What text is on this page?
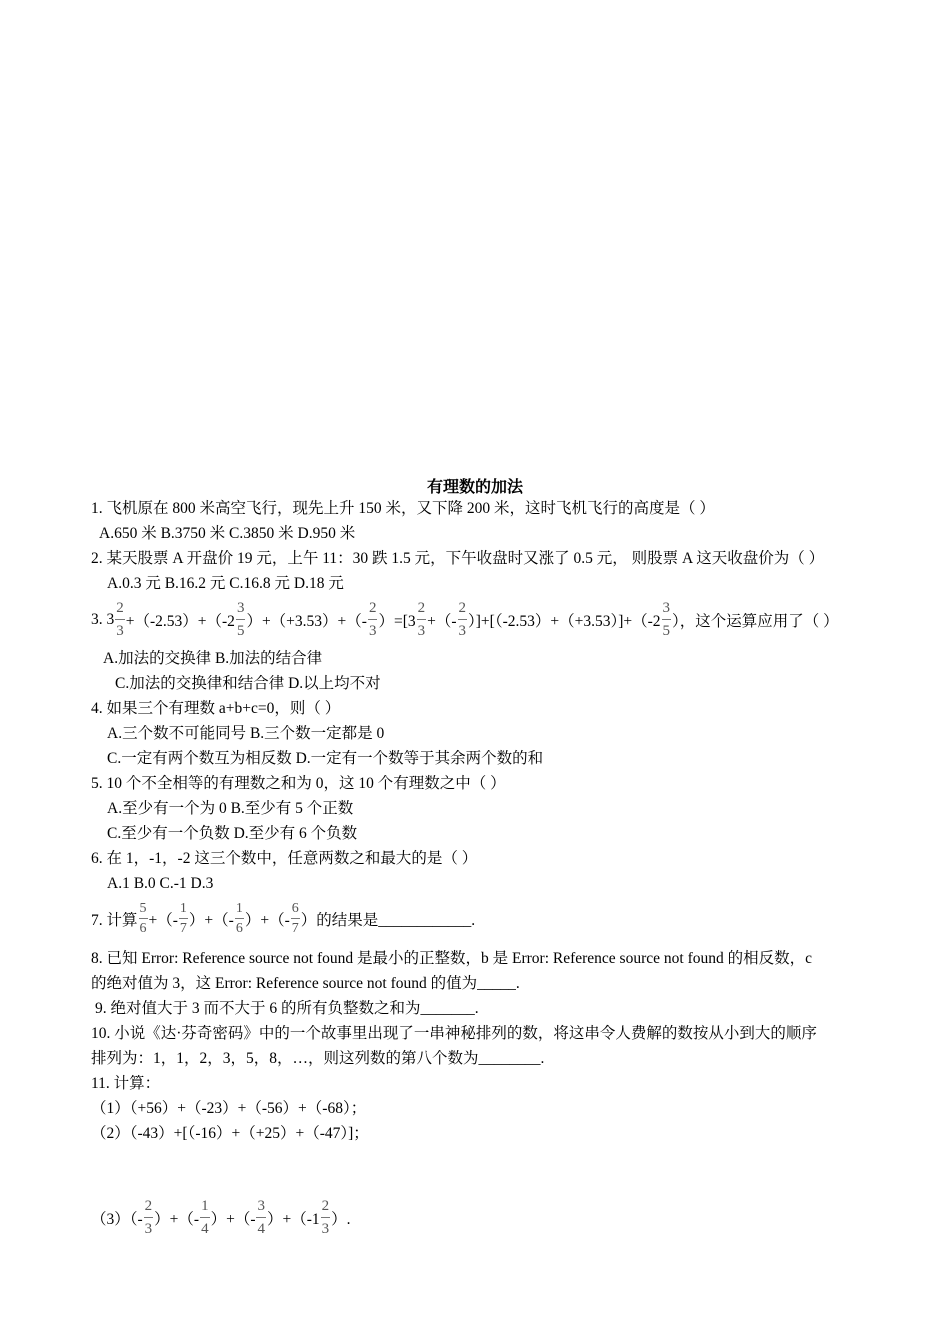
有理数的加法
1. 飞机原在 800 米高空飞行，现先上升 150 米，又下降 200 米，这时飞机飞行的高度是（ ）
A.650 米 B.3750 米 C.3850 米 D.950 米
2. 某天股票 A 开盘价 19 元，上午 11：30 跌 1.5 元，下午收盘时又涨了 0.5 元， 则股票 A 这天收盘价为（ ）
A.0.3 元 B.16.2 元 C.16.8 元 D.18 元
3. $3 \frac{2}{3} +(-2.53)+(-2 \frac{3}{5} )+(+3.53)+(- \frac{2}{3} )=[3 \frac{2}{3}$ +（- $\frac{2}{3} )]+[(-2.53)+(+3.53)]+(-2 \frac{3}{5}$ ），这个运算应用了（ ）
A.加法的交换律 B.加法的结合律
C.加法的交换律和结合律 D.以上均不对
4. 如果三个有理数 a+b+c=0，则（ ）
A.三个数不可能同号 B.三个数一定都是 0
C.一定有两个数互为相反数 D.一定有一个数等于其余两个数的和
5. 10 个不全相等的有理数之和为 0，这 10 个有理数之中（ ）
A.至少有一个为 0 B.至少有 5 个正数
C.至少有一个负数 D.至少有 6 个负数
6. 在 1，-1，-2 这三个数中，任意两数之和最大的是（ ）
A.1 B.0 C.-1 D.3
7. 计算 $\frac{5}{6}$ +（- $\frac{1}{7}$ ）+（- $\frac{1}{6}$ ）+（- $\frac{6}{7}$ ）的结果是____________.
8. 已知 Error: Reference source not found 是最小的正整数，b 是 Error: Reference source not found 的相反数，c
的绝对值为 3，这 Error: Reference source not found 的值为_____.
9. 绝对值大于 3 而不大于 6 的所有负整数之和为_______.
10. 小说《达·芬奇密码》中的一个故事里出现了一串神秘排列的数，将这串令人费解的数按从小到大的顺序
排列为：1，1，2，3，5，8，…，则这列数的第八个数为________.
11. 计算：
（1）（+56）+（-23）+（-56）+（-68）；
（2）（-43）+[（-16）+（+25）+（-47）]；
$(3)(- \frac{2}{3}$ ）+（- $\frac{1}{4}$ ）+（- $\frac{3}{4} )+(-1 \frac{2}{3}$ ）.
